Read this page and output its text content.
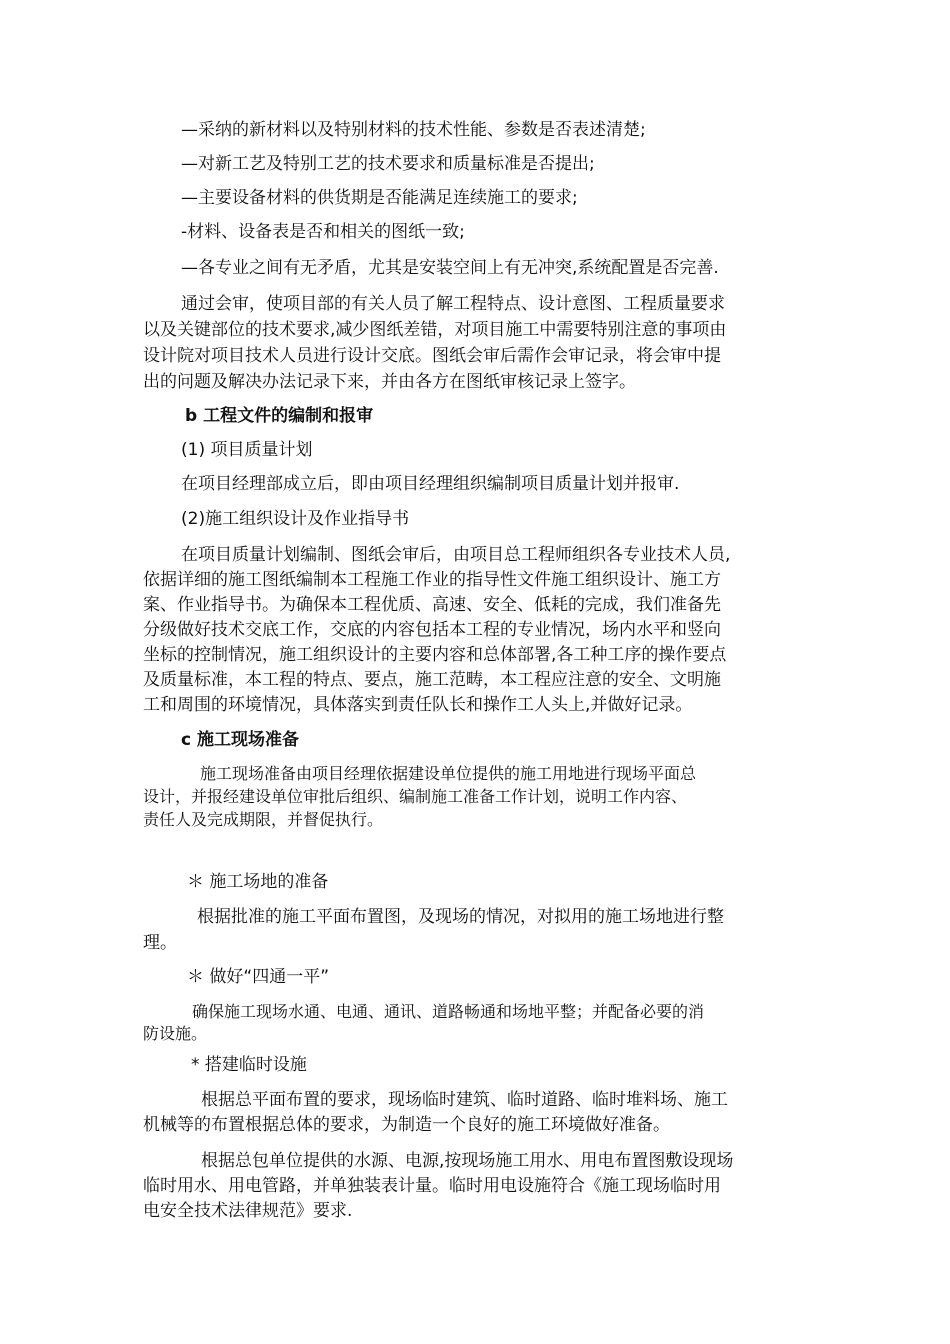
—采纳的新材料以及特别材料的技术性能、参数是否表述清楚;

—对新工艺及特别工艺的技术要求和质量标准是否提出;

—主要设备材料的供货期是否能满足连续施工的要求;

-材料、设备表是否和相关的图纸一致;

—各专业之间有无矛盾，尤其是安装空间上有无冲突,系统配置是否完善.

通过会审，使项目部的有关人员了解工程特点、设计意图、工程质量要求

以及关键部位的技术要求,减少图纸差错，对项目施工中需要特别注意的事项由

设计院对项目技术人员进行设计交底。图纸会审后需作会审记录，将会审中提

出的问题及解决办法记录下来，并由各方在图纸审核记录上签字。

b 工程文件的编制和报审

(1) 项目质量计划

在项目经理部成立后，即由项目经理组织编制项目质量计划并报审.

(2)施工组织设计及作业指导书

在项目质量计划编制、图纸会审后，由项目总工程师组织各专业技术人员,

依据详细的施工图纸编制本工程施工作业的指导性文件施工组织设计、施工方

案、作业指导书。为确保本工程优质、高速、安全、低耗的完成，我们准备先

分级做好技术交底工作，交底的内容包括本工程的专业情况，场内水平和竖向

坐标的控制情况，施工组织设计的主要内容和总体部署,各工种工序的操作要点

及质量标准，本工程的特点、要点，施工范畴，本工程应注意的安全、文明施

工和周围的环境情况，具体落实到责任队长和操作工人头上,并做好记录。

c 施工现场准备

施工现场准备由项目经理依据建设单位提供的施工用地进行现场平面总

设计，并报经建设单位审批后组织、编制施工准备工作计划，说明工作内容、

责任人及完成期限，并督促执行。

＊ 施工场地的准备

根据批准的施工平面布置图，及现场的情况，对拟用的施工场地进行整

理。

＊ 做好“四通一平”

确保施工现场水通、电通、通讯、道路畅通和场地平整；并配备必要的消

防设施。

* 搭建临时设施

根据总平面布置的要求，现场临时建筑、临时道路、临时堆料场、施工

机械等的布置根据总体的要求，为制造一个良好的施工环境做好准备。

根据总包单位提供的水源、电源,按现场施工用水、用电布置图敷设现场

临时用水、用电管路，并单独装表计量。临时用电设施符合《施工现场临时用

电安全技术法律规范》要求.
